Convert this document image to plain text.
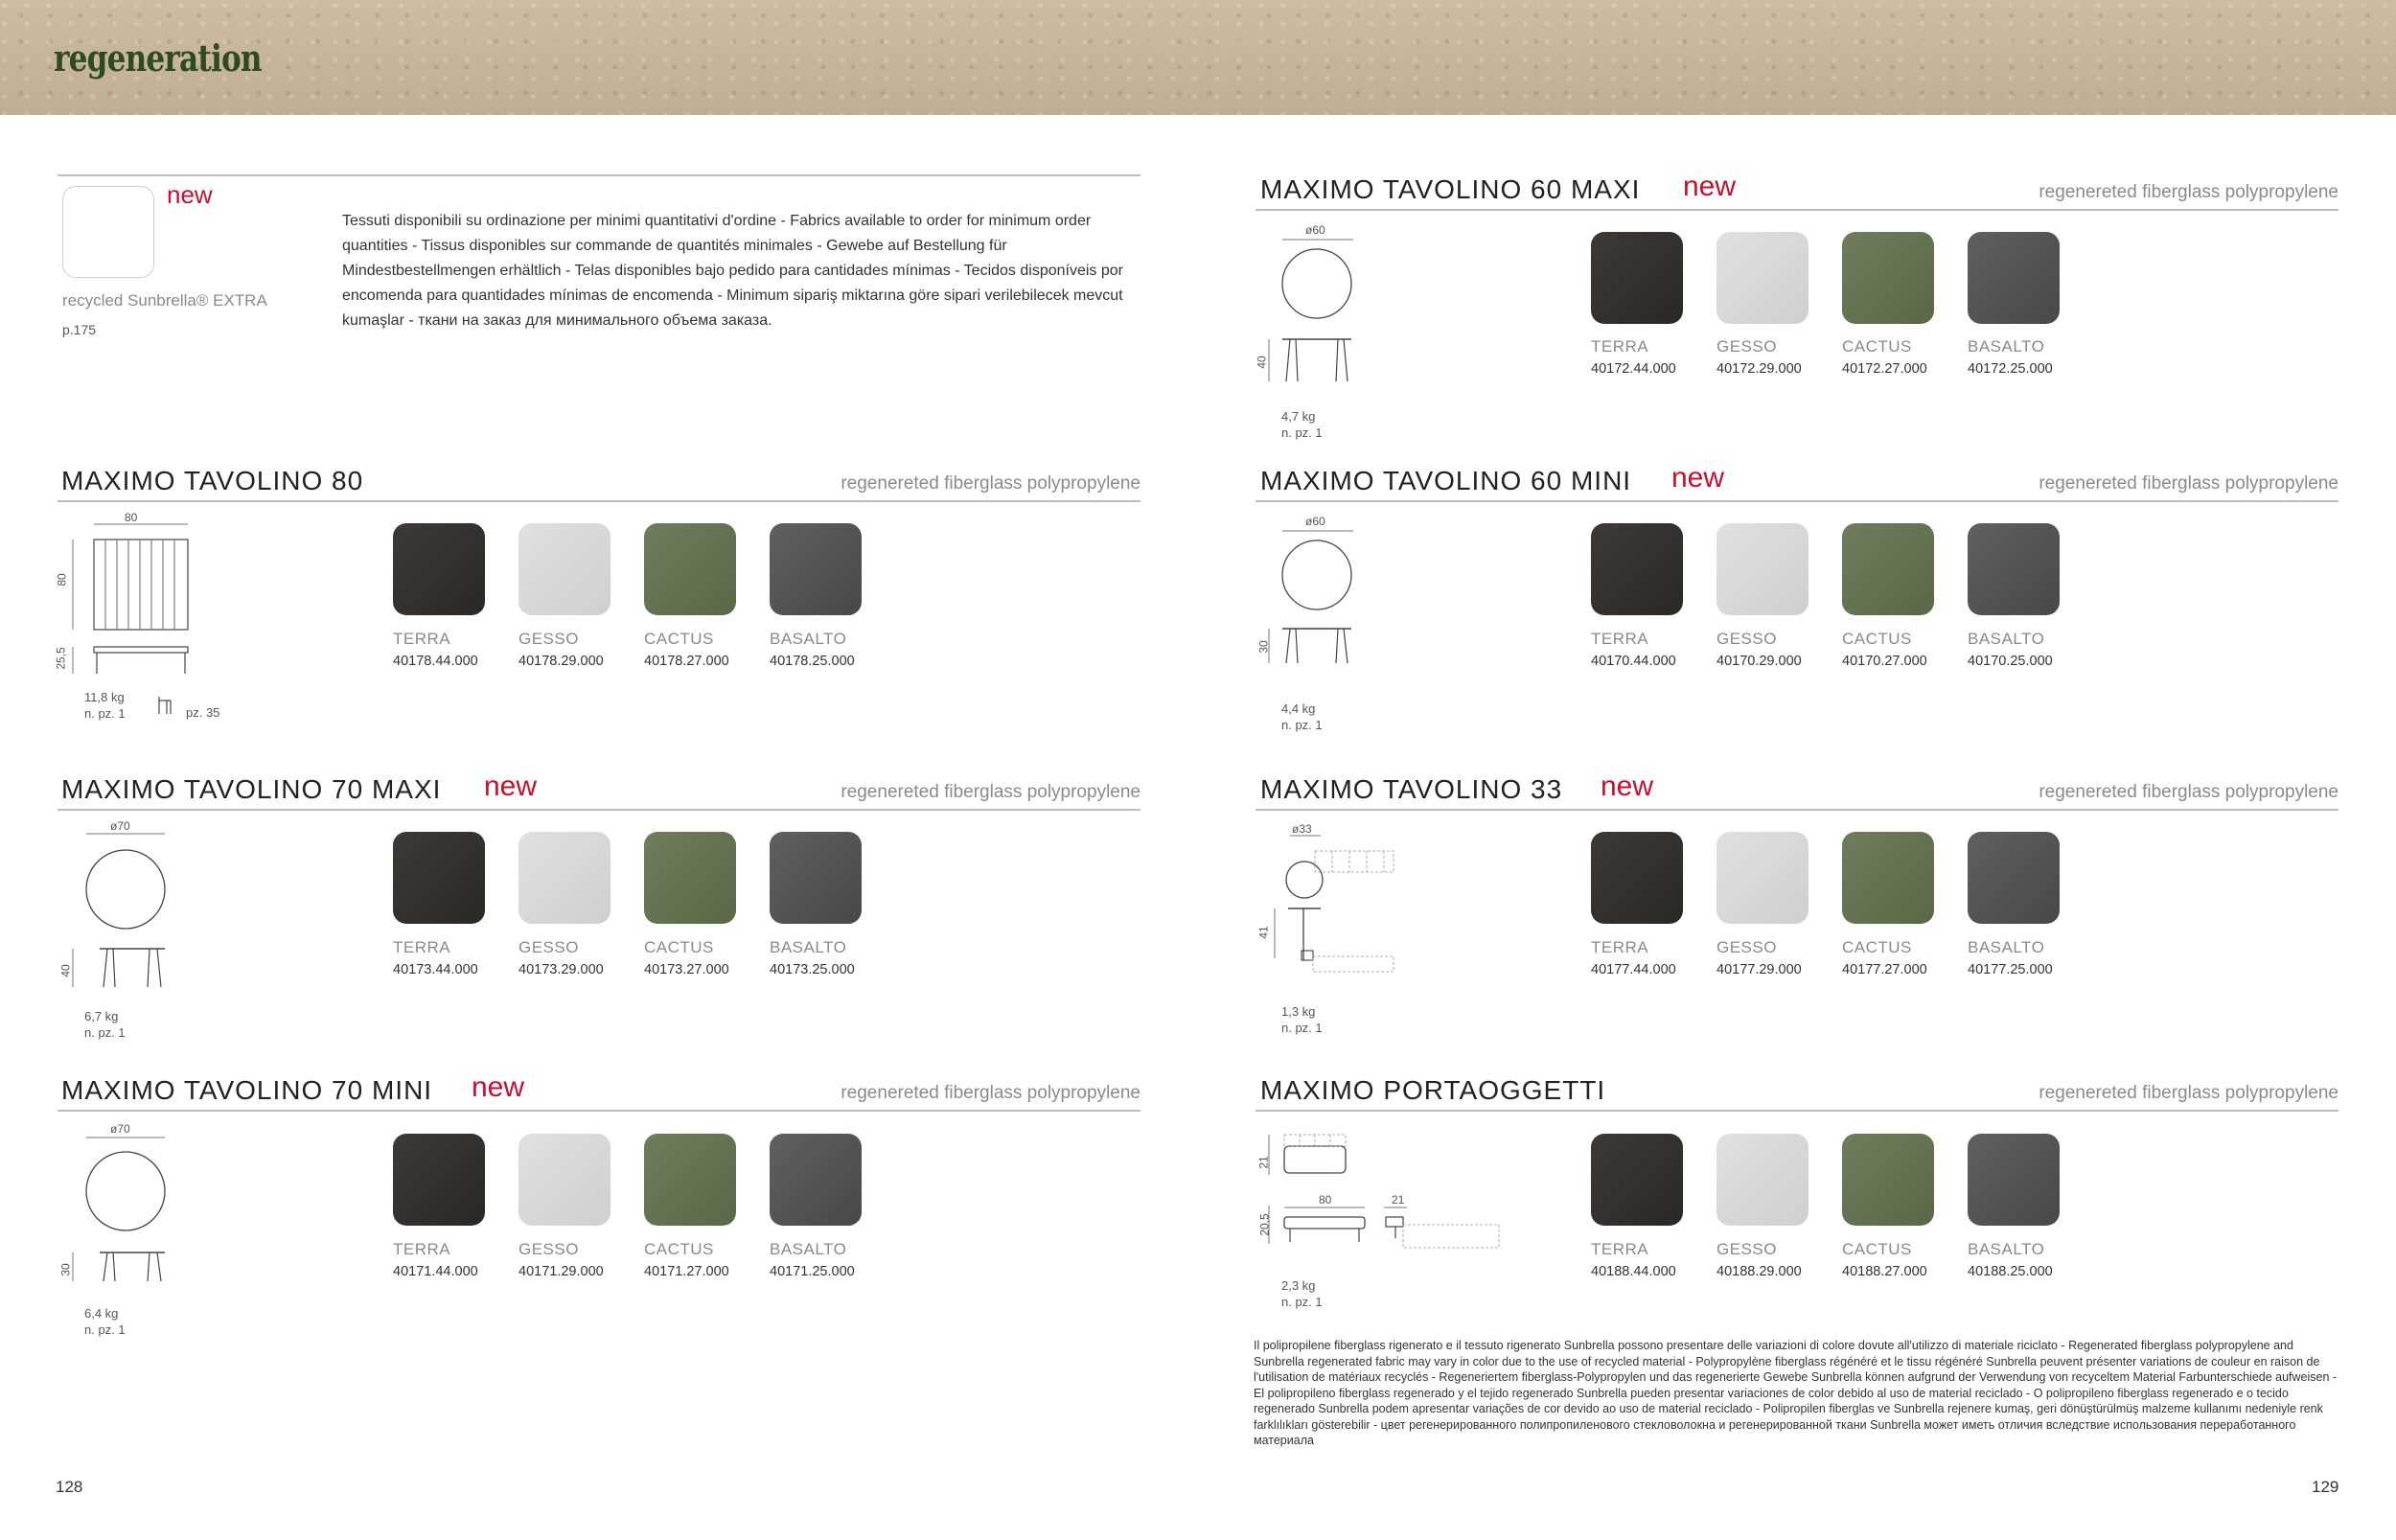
regeneration
new
recycled Sunbrella® EXTRA
p.175
Tessuti disponibili su ordinazione per minimi quantitativi d'ordine - Fabrics available to order for minimum order quantities - Tissus disponibles sur commande de quantités minimales - Gewebe auf Bestellung für Mindestbestellmengen erhältlich - Telas disponibles bajo pedido para cantidades mínimas - Tecidos disponíveis por encomenda para quantidades mínimas de encomenda - Minimum sipariş miktarına göre sipari verilebilecek mevcut kumaşlar - ткани на заказ для минимального объема заказа.
MAXIMO TAVOLINO 80	regenereted fiberglass polypropylene
80
80
25,5
11,8 kg
n. pz. 1	pz. 35
TERRA	GESSO	CACTUS	BASALTO
40178.44.000	40178.29.000	40178.27.000	40178.25.000
MAXIMO TAVOLINO 70 MAXI new	regenereted fiberglass polypropylene
ø70
40
6,7 kg
n. pz. 1
TERRA	GESSO	CACTUS	BASALTO
40173.44.000	40173.29.000	40173.27.000	40173.25.000
MAXIMO TAVOLINO 70 MINI new	regenereted fiberglass polypropylene
ø70
30
6,4 kg
n. pz. 1
TERRA	GESSO	CACTUS	BASALTO
40171.44.000	40171.29.000	40171.27.000	40171.25.000
128
MAXIMO TAVOLINO 60 MAXI new	regenereted fiberglass polypropylene
ø60
40
4,7 kg
n. pz. 1
TERRA	GESSO	CACTUS	BASALTO
40172.44.000	40172.29.000	40172.27.000	40172.25.000
MAXIMO TAVOLINO 60 MINI new	regenereted fiberglass polypropylene
ø60
30
4,4 kg
n. pz. 1
TERRA	GESSO	CACTUS	BASALTO
40170.44.000	40170.29.000	40170.27.000	40170.25.000
MAXIMO TAVOLINO 33 new	regenereted fiberglass polypropylene
ø33
41
1,3 kg
n. pz. 1
TERRA	GESSO	CACTUS	BASALTO
40177.44.000	40177.29.000	40177.27.000	40177.25.000
MAXIMO PORTAOGGETTI	regenereted fiberglass polypropylene
21
80	21
20,5
2,3 kg
n. pz. 1
TERRA	GESSO	CACTUS	BASALTO
40188.44.000	40188.29.000	40188.27.000	40188.25.000
Il polipropilene fiberglass rigenerato e il tessuto rigenerato Sunbrella possono presentare delle variazioni di colore dovute all'utilizzo di materiale riciclato - Regenerated fiberglass polypropylene and Sunbrella regenerated fabric may vary in color due to the use of recycled material - Polypropylène fiberglass régénéré et le tissu régénéré Sunbrella peuvent présenter variations de couleur en raison de l'utilisation de matériaux recyclés - Regeneriertem fiberglass-Polypropylen und das regenerierte Gewebe Sunbrella können aufgrund der Verwendung von recyceltem Material Farbunterschiede aufweisen - El polipropileno fiberglass regenerado y el tejido regenerado Sunbrella pueden presentar variaciones de color debido al uso de material reciclado - O polipropileno fiberglass regenerado e o tecido regenerado Sunbrella podem apresentar variações de cor devido ao uso de material reciclado - Polipropilen fiberglas ve Sunbrella rejenere kumaş, geri dönüştürülmüş malzeme kullanımı nedeniyle renk farklılıkları gösterebilir - цвет регенерированного полипропиленового стекловолокна и регенерированной ткани Sunbrella может иметь отличия вследствие использования переработанного материала
129
